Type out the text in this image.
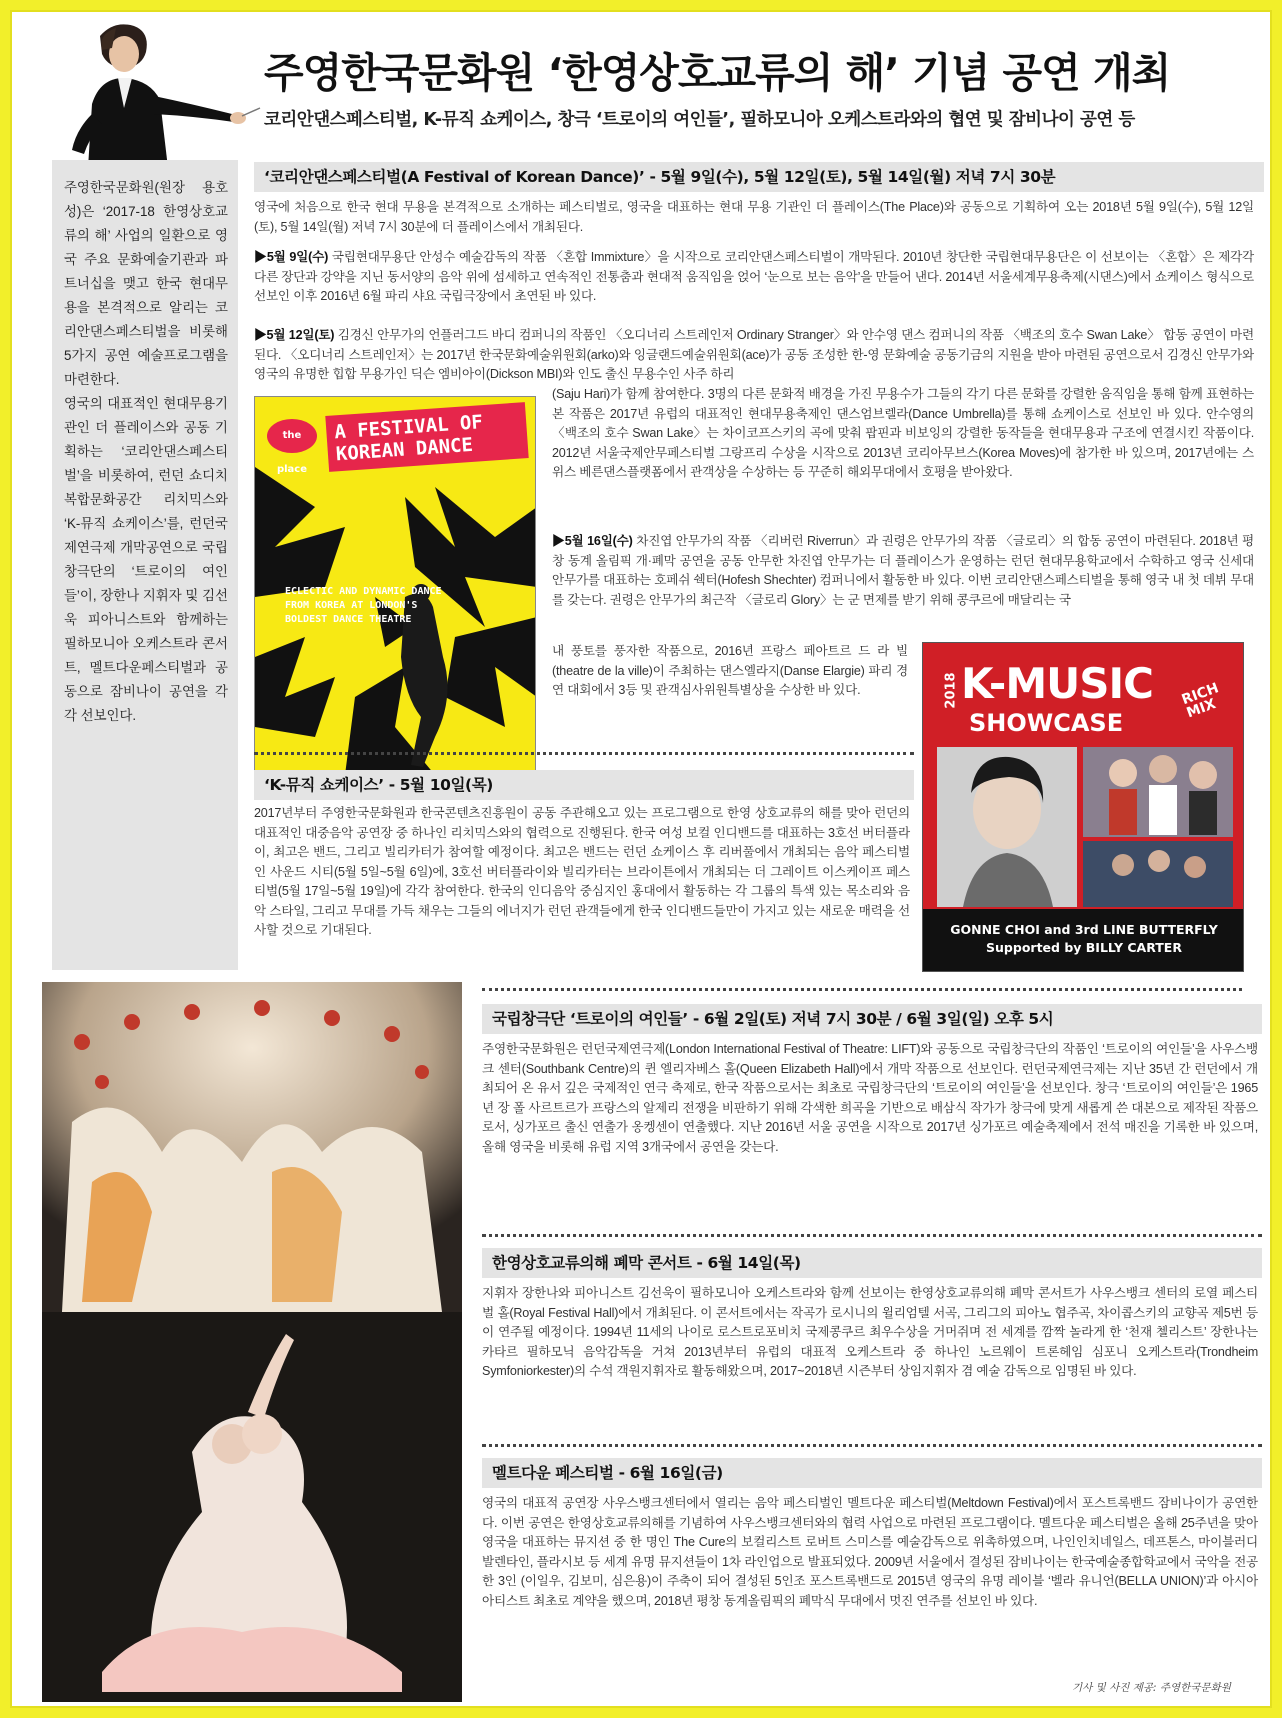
주영한국문화원 ‘한영상호교류의 해’ 기념 공연 개최
코리안댄스페스티벌, K-뮤직 쇼케이스, 창극 ‘트로이의 여인들’, 필하모니아 오케스트라와의 협연 및 잠비나이 공연 등
주영한국문화원(원장 용호성)은 ‘2017-18 한영상호교류의 해’ 사업의 일환으로 영국 주요 문화예술기관과 파트너십을 맺고 한국 현대무용을 본격적으로 알리는 코리안댄스페스티벌을 비롯해 5가지 공연 예술프로그램을 마련한다.
영국의 대표적인 현대무용기관인 더 플레이스와 공동 기획하는 ‘코리안댄스페스티벌’을 비롯하여, 런던 쇼디치 복합문화공간 리치믹스와 ‘K-뮤직 쇼케이스’를, 런던국제연극제 개막공연으로 국립창극단의 ‘트로이의 여인들’이, 장한나 지휘자 및 김선욱 피아니스트와 함께하는 필하모니아 오케스트라 콘서트, 멜트다운페스티벌과 공동으로 잠비나이 공연을 각각 선보인다.
‘코리안댄스페스티벌(A Festival of Korean Dance)’ - 5월 9일(수), 5월 12일(토), 5월 14일(월) 저녁 7시 30분
영국에 처음으로 한국 현대 무용을 본격적으로 소개하는 페스티벌로, 영국을 대표하는 현대 무용 기관인 더 플레이스(The Place)와 공동으로 기획하여 오는 2018년 5월 9일(수), 5월 12일(토), 5월 14일(월) 저녁 7시 30분에 더 플레이스에서 개최된다.
▶5월 9일(수) 국립현대무용단 안성수 예술감독의 작품 〈혼합 Immixture〉을 시작으로 코리안댄스페스티벌이 개막된다. 2010년 창단한 국립현대무용단은 이 선보이는 〈혼합〉은 제각각 다른 장단과 강약을 지닌 동서양의 음악 위에 섬세하고 연속적인 전통춤과 현대적 움직임을 얹어 ‘눈으로 보는 음악’을 만들어 낸다. 2014년 서울세계무용축제(시댄스)에서 쇼케이스 형식으로 선보인 이후 2016년 6월 파리 샤요 국립극장에서 초연된 바 있다.
▶5월 12일(토) 김경신 안무가의 언플러그드 바디 컴퍼니의 작품인 〈오디너리 스트레인저 Ordinary Stranger〉와 안수영 댄스 컴퍼니의 작품 〈백조의 호수 Swan Lake〉 합동 공연이 마련된다. 〈오디너리 스트레인저〉는 2017년 한국문화예술위원회(arko)와 잉글랜드예술위원회(ace)가 공동 조성한 한-영 문화예술 공동기금의 지원을 받아 마련된 공연으로서 김경신 안무가와 영국의 유명한 힙합 무용가인 딕슨 엠비아이(Dickson MBI)와 인도 출신 무용수인 사주 하리
(Saju Hari)가 함께 참여한다. 3명의 다른 문화적 배경을 가진 무용수가 그들의 각기 다른 문화를 강렬한 움직임을 통해 함께 표현하는 본 작품은 2017년 유럽의 대표적인 현대무용축제인 댄스엄브렐라(Dance Umbrella)를 통해 쇼케이스로 선보인 바 있다. 안수영의 〈백조의 호수 Swan Lake〉는 차이코프스키의 곡에 맞춰 팝핀과 비보잉의 강렬한 동작들을 현대무용과 구조에 연결시킨 작품이다. 2012년 서울국제안무페스티벌 그랑프리 수상을 시작으로 2013년 코리아무브스(Korea Moves)에 참가한 바 있으며, 2017년에는 스위스 베른댄스플랫폼에서 관객상을 수상하는 등 꾸준히 해외무대에서 호평을 받아왔다.
▶5월 16일(수) 차진엽 안무가의 작품 〈리버런 Riverrun〉과 권령은 안무가의 작품 〈글로리〉의 합동 공연이 마련된다. 2018년 평창 동계 올림픽 개·폐막 공연을 공동 안무한 차진엽 안무가는 더 플레이스가 운영하는 런던 현대무용학교에서 수학하고 영국 신세대 안무가를 대표하는 호페쉬 쉑터(Hofesh Shechter) 컴퍼니에서 활동한 바 있다. 이번 코리안댄스페스티벌을 통해 영국 내 첫 데뷔 무대를 갖는다. 권령은 안무가의 최근작 〈글로리 Glory〉는 군 면제를 받기 위해 콩쿠르에 매달리는 국
내 풍토를 풍자한 작품으로, 2016년 프랑스 페아트르 드 라 빌(theatre de la ville)이 주최하는 댄스엘라지(Danse Elargie) 파리 경연 대회에서 3등 및 관객심사위원특별상을 수상한 바 있다.
the place
A FESTIVAL OF KOREAN DANCE
ECLECTIC AND DYNAMIC DANCE FROM KOREA AT LONDON'S BOLDEST DANCE THEATRE
‘K-뮤직 쇼케이스’ - 5월 10일(목)
2017년부터 주영한국문화원과 한국콘텐츠진흥원이 공동 주관해오고 있는 프로그램으로 한영 상호교류의 해를 맞아 런던의 대표적인 대중음악 공연장 중 하나인 리치믹스와의 협력으로 진행된다. 한국 여성 보컬 인디밴드를 대표하는 3호선 버터플라이, 최고은 밴드, 그리고 빌리카터가 참여할 예정이다. 최고은 밴드는 런던 쇼케이스 후 리버풀에서 개최되는 음악 페스티벌인 사운드 시티(5월 5일~5월 6일)에, 3호선 버터플라이와 빌리카터는 브라이튼에서 개최되는 더 그레이트 이스케이프 페스티벌(5월 17일~5월 19일)에 각각 참여한다. 한국의 인디음악 중심지인 홍대에서 활동하는 각 그룹의 특색 있는 목소리와 음악 스타일, 그리고 무대를 가득 채우는 그들의 에너지가 런던 관객들에게 한국 인디밴드들만이 가지고 있는 새로운 매력을 선사할 것으로 기대된다.
2018 K-MUSIC
SHOWCASE
RICH MIX
GONNE CHOI and 3rd LINE BUTTERFLY
Supported by BILLY CARTER
국립창극단 ‘트로이의 여인들’ - 6월 2일(토) 저녁 7시 30분 / 6월 3일(일) 오후 5시
주영한국문화원은 런던국제연극제(London International Festival of Theatre: LIFT)와 공동으로 국립창극단의 작품인 ‘트로이의 여인들’을 사우스뱅크 센터(Southbank Centre)의 퀸 엘리자베스 홀(Queen Elizabeth Hall)에서 개막 작품으로 선보인다. 런던국제연극제는 지난 35년 간 런던에서 개최되어 온 유서 깊은 국제적인 연극 축제로, 한국 작품으로서는 최초로 국립창극단의 ‘트로이의 여인들’을 선보인다. 창극 ‘트로이의 여인들’은 1965년 장 폴 사르트르가 프랑스의 알제리 전쟁을 비판하기 위해 각색한 희곡을 기반으로 배삼식 작가가 창극에 맞게 새롭게 쓴 대본으로 제작된 작품으로서, 싱가포르 출신 연출가 옹켕센이 연출했다. 지난 2016년 서울 공연을 시작으로 2017년 싱가포르 예술축제에서 전석 매진을 기록한 바 있으며, 올해 영국을 비롯해 유럽 지역 3개국에서 공연을 갖는다.
한영상호교류의해 폐막 콘서트 - 6월 14일(목)
지휘자 장한나와 피아니스트 김선욱이 필하모니아 오케스트라와 함께 선보이는 한영상호교류의해 폐막 콘서트가 사우스뱅크 센터의 로열 페스티벌 홀(Royal Festival Hall)에서 개최된다. 이 콘서트에서는 작곡가 로시니의 윌리엄텔 서곡, 그리그의 피아노 협주곡, 차이콥스키의 교향곡 제5번 등이 연주될 예정이다. 1994년 11세의 나이로 로스트로포비치 국제콩쿠르 최우수상을 거머쥐며 전 세계를 깜짝 놀라게 한 ‘천재 첼리스트’ 장한나는 카타르 필하모닉 음악감독을 거쳐 2013년부터 유럽의 대표적 오케스트라 중 하나인 노르웨이 트론헤임 심포니 오케스트라(Trondheim Symfoniorkester)의 수석 객원지휘자로 활동해왔으며, 2017~2018년 시즌부터 상임지휘자 겸 예술 감독으로 임명된 바 있다.
멜트다운 페스티벌 - 6월 16일(금)
영국의 대표적 공연장 사우스뱅크센터에서 열리는 음악 페스티벌인 멜트다운 페스티벌(Meltdown Festival)에서 포스트록밴드 잠비나이가 공연한다. 이번 공연은 한영상호교류의해를 기념하여 사우스뱅크센터와의 협력 사업으로 마련된 프로그램이다. 멜트다운 페스티벌은 올해 25주년을 맞아 영국을 대표하는 뮤지션 중 한 명인 The Cure의 보컬리스트 로버트 스미스를 예술감독으로 위촉하였으며, 나인인치네일스, 데프톤스, 마이블러디발렌타인, 플라시보 등 세계 유명 뮤지션들이 1차 라인업으로 발표되었다. 2009년 서울에서 결성된 잠비나이는 한국예술종합학교에서 국악을 전공한 3인 (이일우, 김보미, 심은용)이 주축이 되어 결성된 5인조 포스트록밴드로 2015년 영국의 유명 레이블 ‘벨라 유니언(BELLA UNION)’과 아시아 아티스트 최초로 계약을 했으며, 2018년 평창 동계올림픽의 폐막식 무대에서 멋진 연주를 선보인 바 있다.
기사 및 사진 제공: 주영한국문화원
